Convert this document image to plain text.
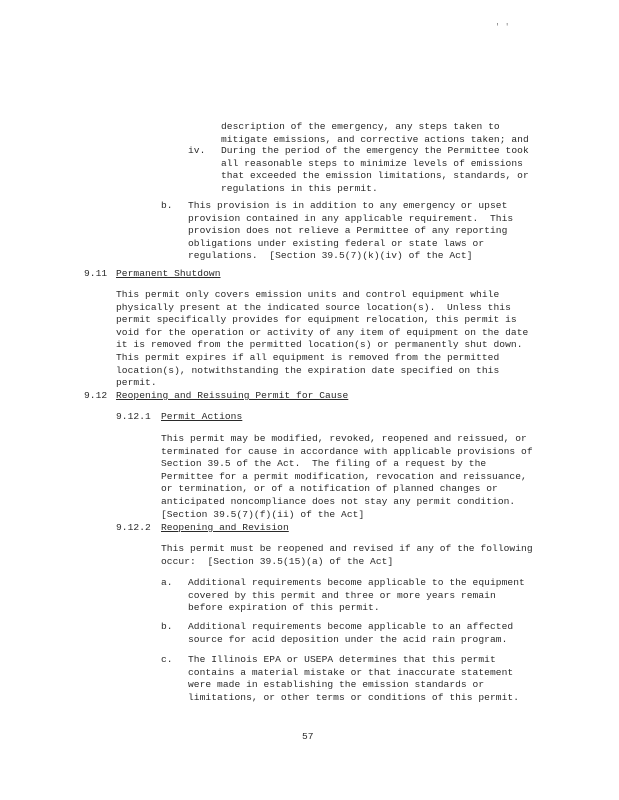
' '
description of the emergency, any steps taken to
mitigate emissions, and corrective actions taken; and
iv. During the period of the emergency the Permittee took
all reasonable steps to minimize levels of emissions
that exceeded the emission limitations, standards, or
regulations in this permit.
b. This provision is in addition to any emergency or upset
provision contained in any applicable requirement.  This
provision does not relieve a Permittee of any reporting
obligations under existing federal or state laws or
regulations.  [Section 39.5(7)(k)(iv) of the Act]
9.11 Permanent Shutdown
This permit only covers emission units and control equipment while
physically present at the indicated source location(s).  Unless this
permit specifically provides for equipment relocation, this permit is
void for the operation or activity of any item of equipment on the date
it is removed from the permitted location(s) or permanently shut down.
This permit expires if all equipment is removed from the permitted
location(s), notwithstanding the expiration date specified on this
permit.
9.12 Reopening and Reissuing Permit for Cause
9.12.1 Permit Actions
This permit may be modified, revoked, reopened and reissued, or
terminated for cause in accordance with applicable provisions of
Section 39.5 of the Act.  The filing of a request by the
Permittee for a permit modification, revocation and reissuance,
or termination, or of a notification of planned changes or
anticipated noncompliance does not stay any permit condition.
[Section 39.5(7)(f)(ii) of the Act]
9.12.2 Reopening and Revision
This permit must be reopened and revised if any of the following
occur:  [Section 39.5(15)(a) of the Act]
a. Additional requirements become applicable to the equipment
covered by this permit and three or more years remain
before expiration of this permit.
b. Additional requirements become applicable to an affected
source for acid deposition under the acid rain program.
c. The Illinois EPA or USEPA determines that this permit
contains a material mistake or that inaccurate statement
were made in establishing the emission standards or
limitations, or other terms or conditions of this permit.
57
